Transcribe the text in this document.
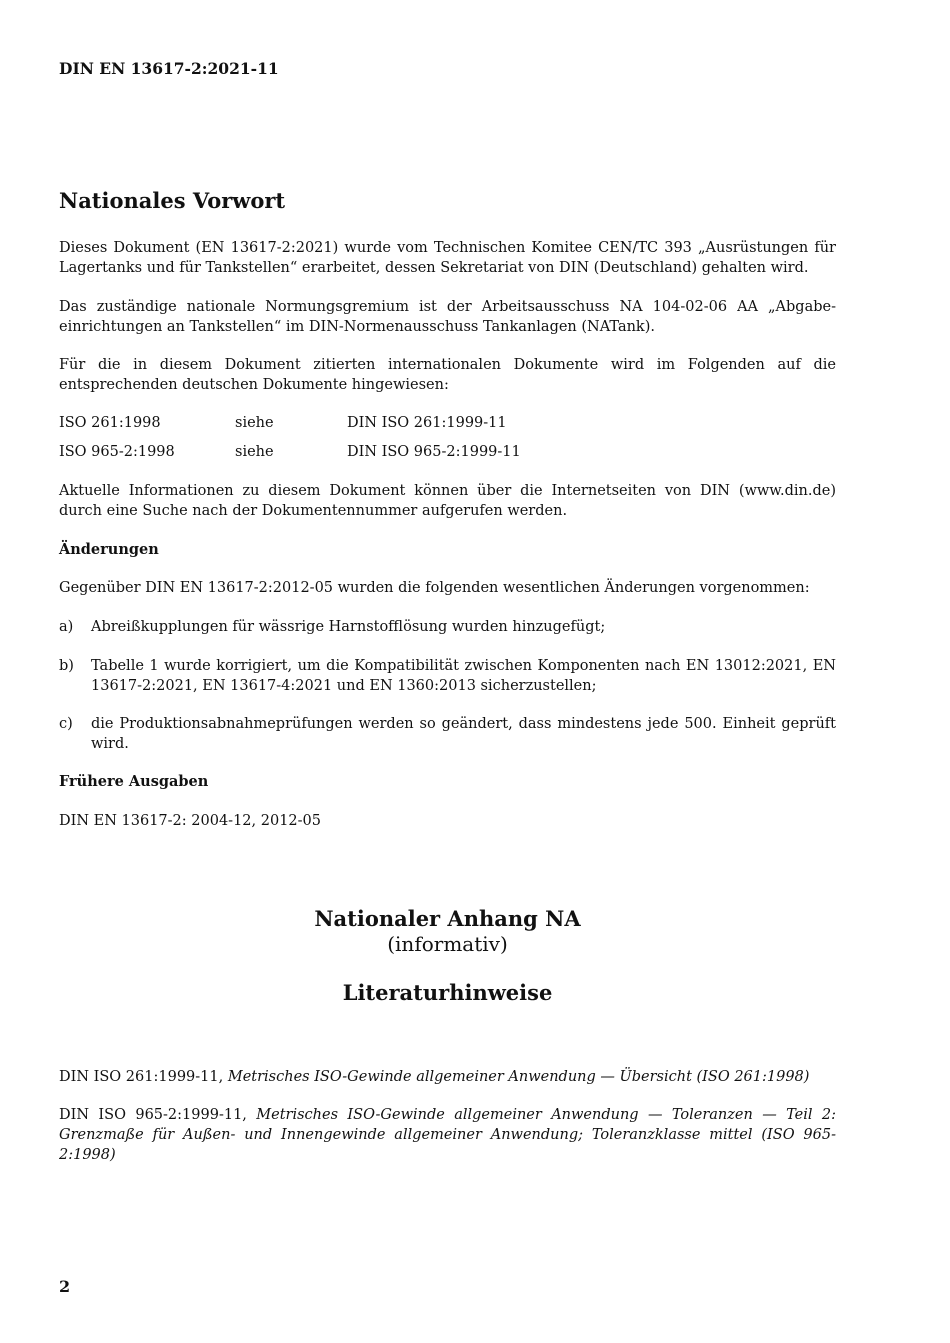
DIN EN 13617-2:2021-11
Nationales Vorwort

Dieses Dokument (EN 13617-2:2021) wurde vom Technischen Komitee CEN/TC 393 „Ausrüstungen für Lagertanks und für Tankstellen“ erarbeitet, dessen Sekretariat von DIN (Deutschland) gehalten wird.

Das zuständige nationale Normungsgremium ist der Arbeitsausschuss NA 104-02-06 AA „Abgabe-einrichtungen an Tankstellen“ im DIN-Normenausschuss Tankanlagen (NATank).

Für die in diesem Dokument zitierten internationalen Dokumente wird im Folgenden auf die entsprechenden deutschen Dokumente hingewiesen:

ISO 261:1998	siehe	DIN ISO 261:1999-11
ISO 965-2:1998	siehe	DIN ISO 965-2:1999-11

Aktuelle Informationen zu diesem Dokument können über die Internetseiten von DIN (www.din.de) durch eine Suche nach der Dokumentennummer aufgerufen werden.

Änderungen

Gegenüber DIN EN 13617-2:2012-05 wurden die folgenden wesentlichen Änderungen vorgenommen:

a) Abreißkupplungen für wässrige Harnstofflösung wurden hinzugefügt;
b) Tabelle 1 wurde korrigiert, um die Kompatibilität zwischen Komponenten nach EN 13012:2021, EN 13617-2:2021, EN 13617-4:2021 und EN 1360:2013 sicherzustellen;
c) die Produktionsabnahmeprüfungen werden so geändert, dass mindestens jede 500. Einheit geprüft wird.
Frühere Ausgaben

DIN EN 13617-2: 2004-12, 2012-05

Nationaler Anhang NA
(informativ)
Literaturhinweise

DIN ISO 261:1999-11, Metrisches ISO-Gewinde allgemeiner Anwendung — Übersicht (ISO 261:1998)

DIN ISO 965-2:1999-11, Metrisches ISO-Gewinde allgemeiner Anwendung — Toleranzen — Teil 2: Grenzmaße für Außen- und Innengewinde allgemeiner Anwendung; Toleranzklasse mittel (ISO 965-2:1998)

2
